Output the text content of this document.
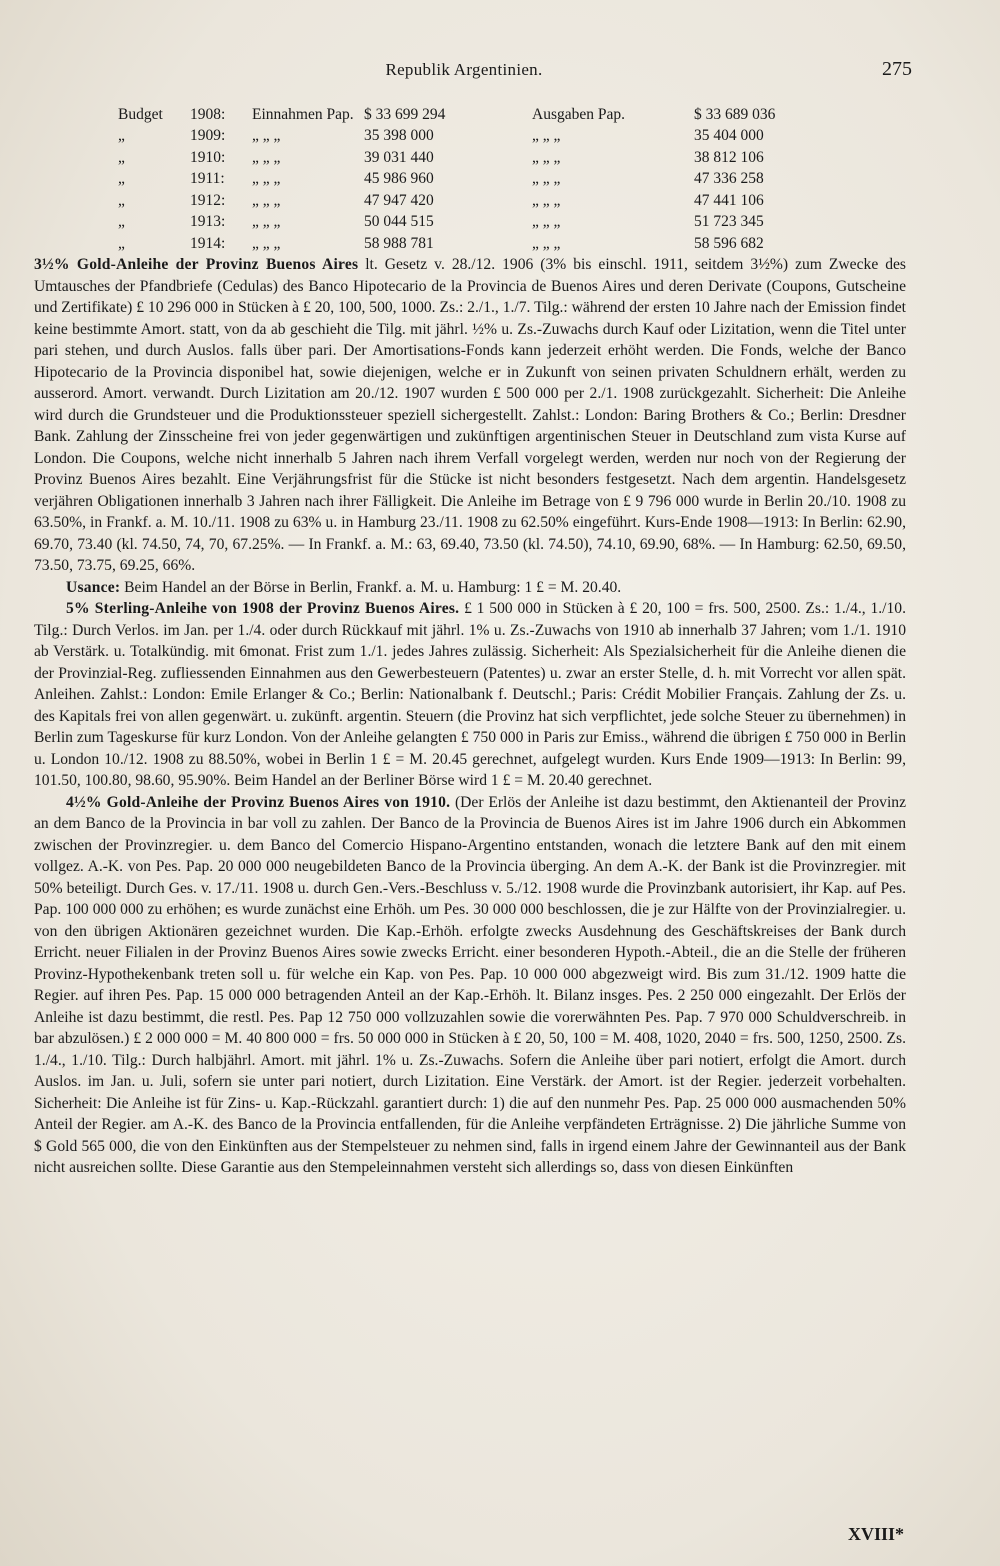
Republik Argentinien.	275
Budget	1908:	Einnahmen Pap. $ 33 699 294	Ausgaben Pap.	$ 33 689 036
„	1909:	„ „ „	35 398 000	„ „ „	35 404 000
„	1910:	„ „ „	39 031 440	„ „ „	38 812 106
„	1911:	„ „ „	45 986 960	„ „ „	47 336 258
„	1912:	„ „ „	47 947 420	„ „ „	47 441 106
„	1913:	„ „ „	50 044 515	„ „ „	51 723 345
„	1914:	„ „ „	58 988 781	„ „ „	58 596 682

3½% Gold-Anleihe der Provinz Buenos Aires lt. Gesetz v. 28./12. 1906 (3% bis einschl. 1911, seitdem 3½%) zum Zwecke des Umtausches der Pfandbriefe (Cedulas) des Banco Hipotecario de la Provincia de Buenos Aires und deren Derivate (Coupons, Gutscheine und Zertifikate) £ 10 296 000 in Stücken à £ 20, 100, 500, 1000. Zs.: 2./1., 1./7. Tilg.: während der ersten 10 Jahre nach der Emission findet keine bestimmte Amort. statt, von da ab geschieht die Tilg. mit jährl. ½% u. Zs.-Zuwachs durch Kauf oder Lizitation, wenn die Titel unter pari stehen, und durch Auslos. falls über pari. Der Amortisations-Fonds kann jederzeit erhöht werden. Die Fonds, welche der Banco Hipotecario de la Provincia disponibel hat, sowie diejenigen, welche er in Zukunft von seinen privaten Schuldnern erhält, werden zu ausserord. Amort. verwandt. Durch Lizitation am 20./12. 1907 wurden £ 500 000 per 2./1. 1908 zurückgezahlt. Sicherheit: Die Anleihe wird durch die Grundsteuer und die Produktionssteuer speziell sichergestellt. Zahlst.: London: Baring Brothers & Co.; Berlin: Dresdner Bank. Zahlung der Zinsscheine frei von jeder gegenwärtigen und zukünftigen argentinischen Steuer in Deutschland zum vista Kurse auf London. Die Coupons, welche nicht innerhalb 5 Jahren nach ihrem Verfall vorgelegt werden, werden nur noch von der Regierung der Provinz Buenos Aires bezahlt. Eine Verjährungsfrist für die Stücke ist nicht besonders festgesetzt. Nach dem argentin. Handelsgesetz verjähren Obligationen innerhalb 3 Jahren nach ihrer Fälligkeit. Die Anleihe im Betrage von £ 9 796 000 wurde in Berlin 20./10. 1908 zu 63.50%, in Frankf. a. M. 10./11. 1908 zu 63% u. in Hamburg 23./11. 1908 zu 62.50% eingeführt. Kurs-Ende 1908—1913: In Berlin: 62.90, 69.70, 73.40 (kl. 74.50, 74, 70, 67.25%. — In Frankf. a. M.: 63, 69.40, 73.50 (kl. 74.50), 74.10, 69.90, 68%. — In Hamburg: 62.50, 69.50, 73.50, 73.75, 69.25, 66%.

Usance: Beim Handel an der Börse in Berlin, Frankf. a. M. u. Hamburg: 1 £ = M. 20.40.

5% Sterling-Anleihe von 1908 der Provinz Buenos Aires. £ 1 500 000 in Stücken à £ 20, 100 = frs. 500, 2500. Zs.: 1./4., 1./10. Tilg.: Durch Verlos. im Jan. per 1./4. oder durch Rückkauf mit jährl. 1% u. Zs.-Zuwachs von 1910 ab innerhalb 37 Jahren; vom 1./1. 1910 ab Verstärk. u. Totalkündig. mit 6monat. Frist zum 1./1. jedes Jahres zulässig. Sicherheit: Als Spezialsicherheit für die Anleihe dienen die der Provinzial-Reg. zufliessenden Einnahmen aus den Gewerbesteuern (Patentes) u. zwar an erster Stelle, d. h. mit Vorrecht vor allen spät. Anleihen. Zahlst.: London: Emile Erlanger & Co.; Berlin: Nationalbank f. Deutschl.; Paris: Crédit Mobilier Français. Zahlung der Zs. u. des Kapitals frei von allen gegenwärt. u. zukünft. argentin. Steuern (die Provinz hat sich verpflichtet, jede solche Steuer zu übernehmen) in Berlin zum Tageskurse für kurz London. Von der Anleihe gelangten £ 750 000 in Paris zur Emiss., während die übrigen £ 750 000 in Berlin u. London 10./12. 1908 zu 88.50%, wobei in Berlin 1 £ = M. 20.45 gerechnet, aufgelegt wurden. Kurs Ende 1909—1913: In Berlin: 99, 101.50, 100.80, 98.60, 95.90%. Beim Handel an der Berliner Börse wird 1 £ = M. 20.40 gerechnet.

4½% Gold-Anleihe der Provinz Buenos Aires von 1910. (Der Erlös der Anleihe ist dazu bestimmt, den Aktienanteil der Provinz an dem Banco de la Provincia in bar voll zu zahlen. Der Banco de la Provincia de Buenos Aires ist im Jahre 1906 durch ein Abkommen zwischen der Provinzregier. u. dem Banco del Comercio Hispano-Argentino entstanden, wonach die letztere Bank auf den mit einem vollgez. A.-K. von Pes. Pap. 20 000 000 neugebildeten Banco de la Provincia überging. An dem A.-K. der Bank ist die Provinzregier. mit 50% beteiligt. Durch Ges. v. 17./11. 1908 u. durch Gen.-Vers.-Beschluss v. 5./12. 1908 wurde die Provinzbank autorisiert, ihr Kap. auf Pes. Pap. 100 000 000 zu erhöhen; es wurde zunächst eine Erhöh. um Pes. 30 000 000 beschlossen, die je zur Hälfte von der Provinzialregier. u. von den übrigen Aktionären gezeichnet wurden. Die Kap.-Erhöh. erfolgte zwecks Ausdehnung des Geschäftskreises der Bank durch Erricht. neuer Filialen in der Provinz Buenos Aires sowie zwecks Erricht. einer besonderen Hypoth.-Abteil., die an die Stelle der früheren Provinz-Hypothekenbank treten soll u. für welche ein Kap. von Pes. Pap. 10 000 000 abgezweigt wird. Bis zum 31./12. 1909 hatte die Regier. auf ihren Pes. Pap. 15 000 000 betragenden Anteil an der Kap.-Erhöh. lt. Bilanz insges. Pes. 2 250 000 eingezahlt. Der Erlös der Anleihe ist dazu bestimmt, die restl. Pes. Pap 12 750 000 vollzuzahlen sowie die vorerwähnten Pes. Pap. 7 970 000 Schuldverschreib. in bar abzulösen.) £ 2 000 000 = M. 40 800 000 = frs. 50 000 000 in Stücken à £ 20, 50, 100 = M. 408, 1020, 2040 = frs. 500, 1250, 2500. Zs. 1./4., 1./10. Tilg.: Durch halbjährl. Amort. mit jährl. 1% u. Zs.-Zuwachs. Sofern die Anleihe über pari notiert, erfolgt die Amort. durch Auslos. im Jan. u. Juli, sofern sie unter pari notiert, durch Lizitation. Eine Verstärk. der Amort. ist der Regier. jederzeit vorbehalten. Sicherheit: Die Anleihe ist für Zins- u. Kap.-Rückzahl. garantiert durch: 1) die auf den nunmehr Pes. Pap. 25 000 000 ausmachenden 50% Anteil der Regier. am A.-K. des Banco de la Provincia entfallenden, für die Anleihe verpfändeten Erträgnisse. 2) Die jährliche Summe von $ Gold 565 000, die von den Einkünften aus der Stempelsteuer zu nehmen sind, falls in irgend einem Jahre der Gewinnanteil aus der Bank nicht ausreichen sollte. Diese Garantie aus den Stempeleinnahmen versteht sich allerdings so, dass von diesen Einkünften

XVIII*
